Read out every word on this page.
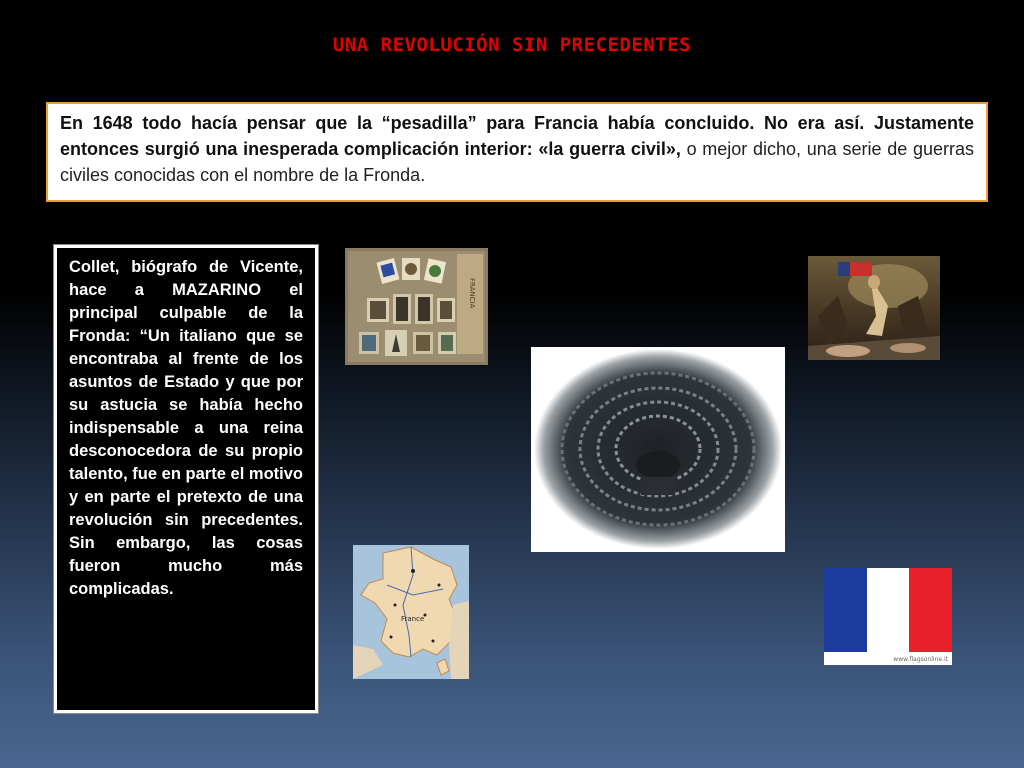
UNA REVOLUCIÓN SIN PRECEDENTES
En 1648 todo hacía pensar que la “pesadilla” para Francia había concluido. No era así. Justamente entonces surgió una inesperada complicación interior: «la guerra civil», o mejor dicho, una serie de guerras civiles conocidas con el nombre de la Fronda.
Collet, biógrafo de Vicente, hace a MAZARINO el principal culpable de la Fronda: “Un italiano que se encontraba al frente de los asuntos de Estado y que por su astucia se había hecho indispensable a una reina desconocedora de su propio talento, fue en parte el motivo y en parte el pretexto de una revolución sin precedentes. Sin embargo, las cosas fueron mucho más complicadas.
FRANCIA
France
www.flagsonline.it
